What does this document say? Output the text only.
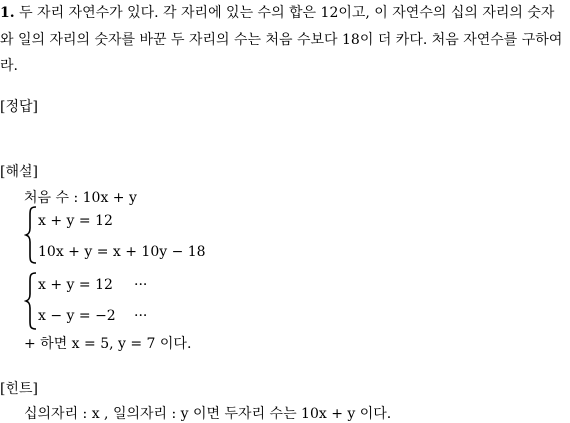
1. 두 자리 자연수가 있다. 각 자리에 있는 수의 합은 12이고, 이 자연수의 십의 자리의 숫자와 일의 자리의 숫자를 바꾼 두 자리의 수는 처음 수보다 18이 더 카다. 처음 자연수를 구하여라.
[정답]
[해설]
처음 수 : 10x + y
x + y = 12
10x + y = x + 10y − 18
x + y = 12 ···
x − y = −2 ···
+ 하면 x = 5, y = 7 이다.
[힌트]
십의자리 : x , 일의자리 : y 이면 두자리 수는 10x + y 이다.
